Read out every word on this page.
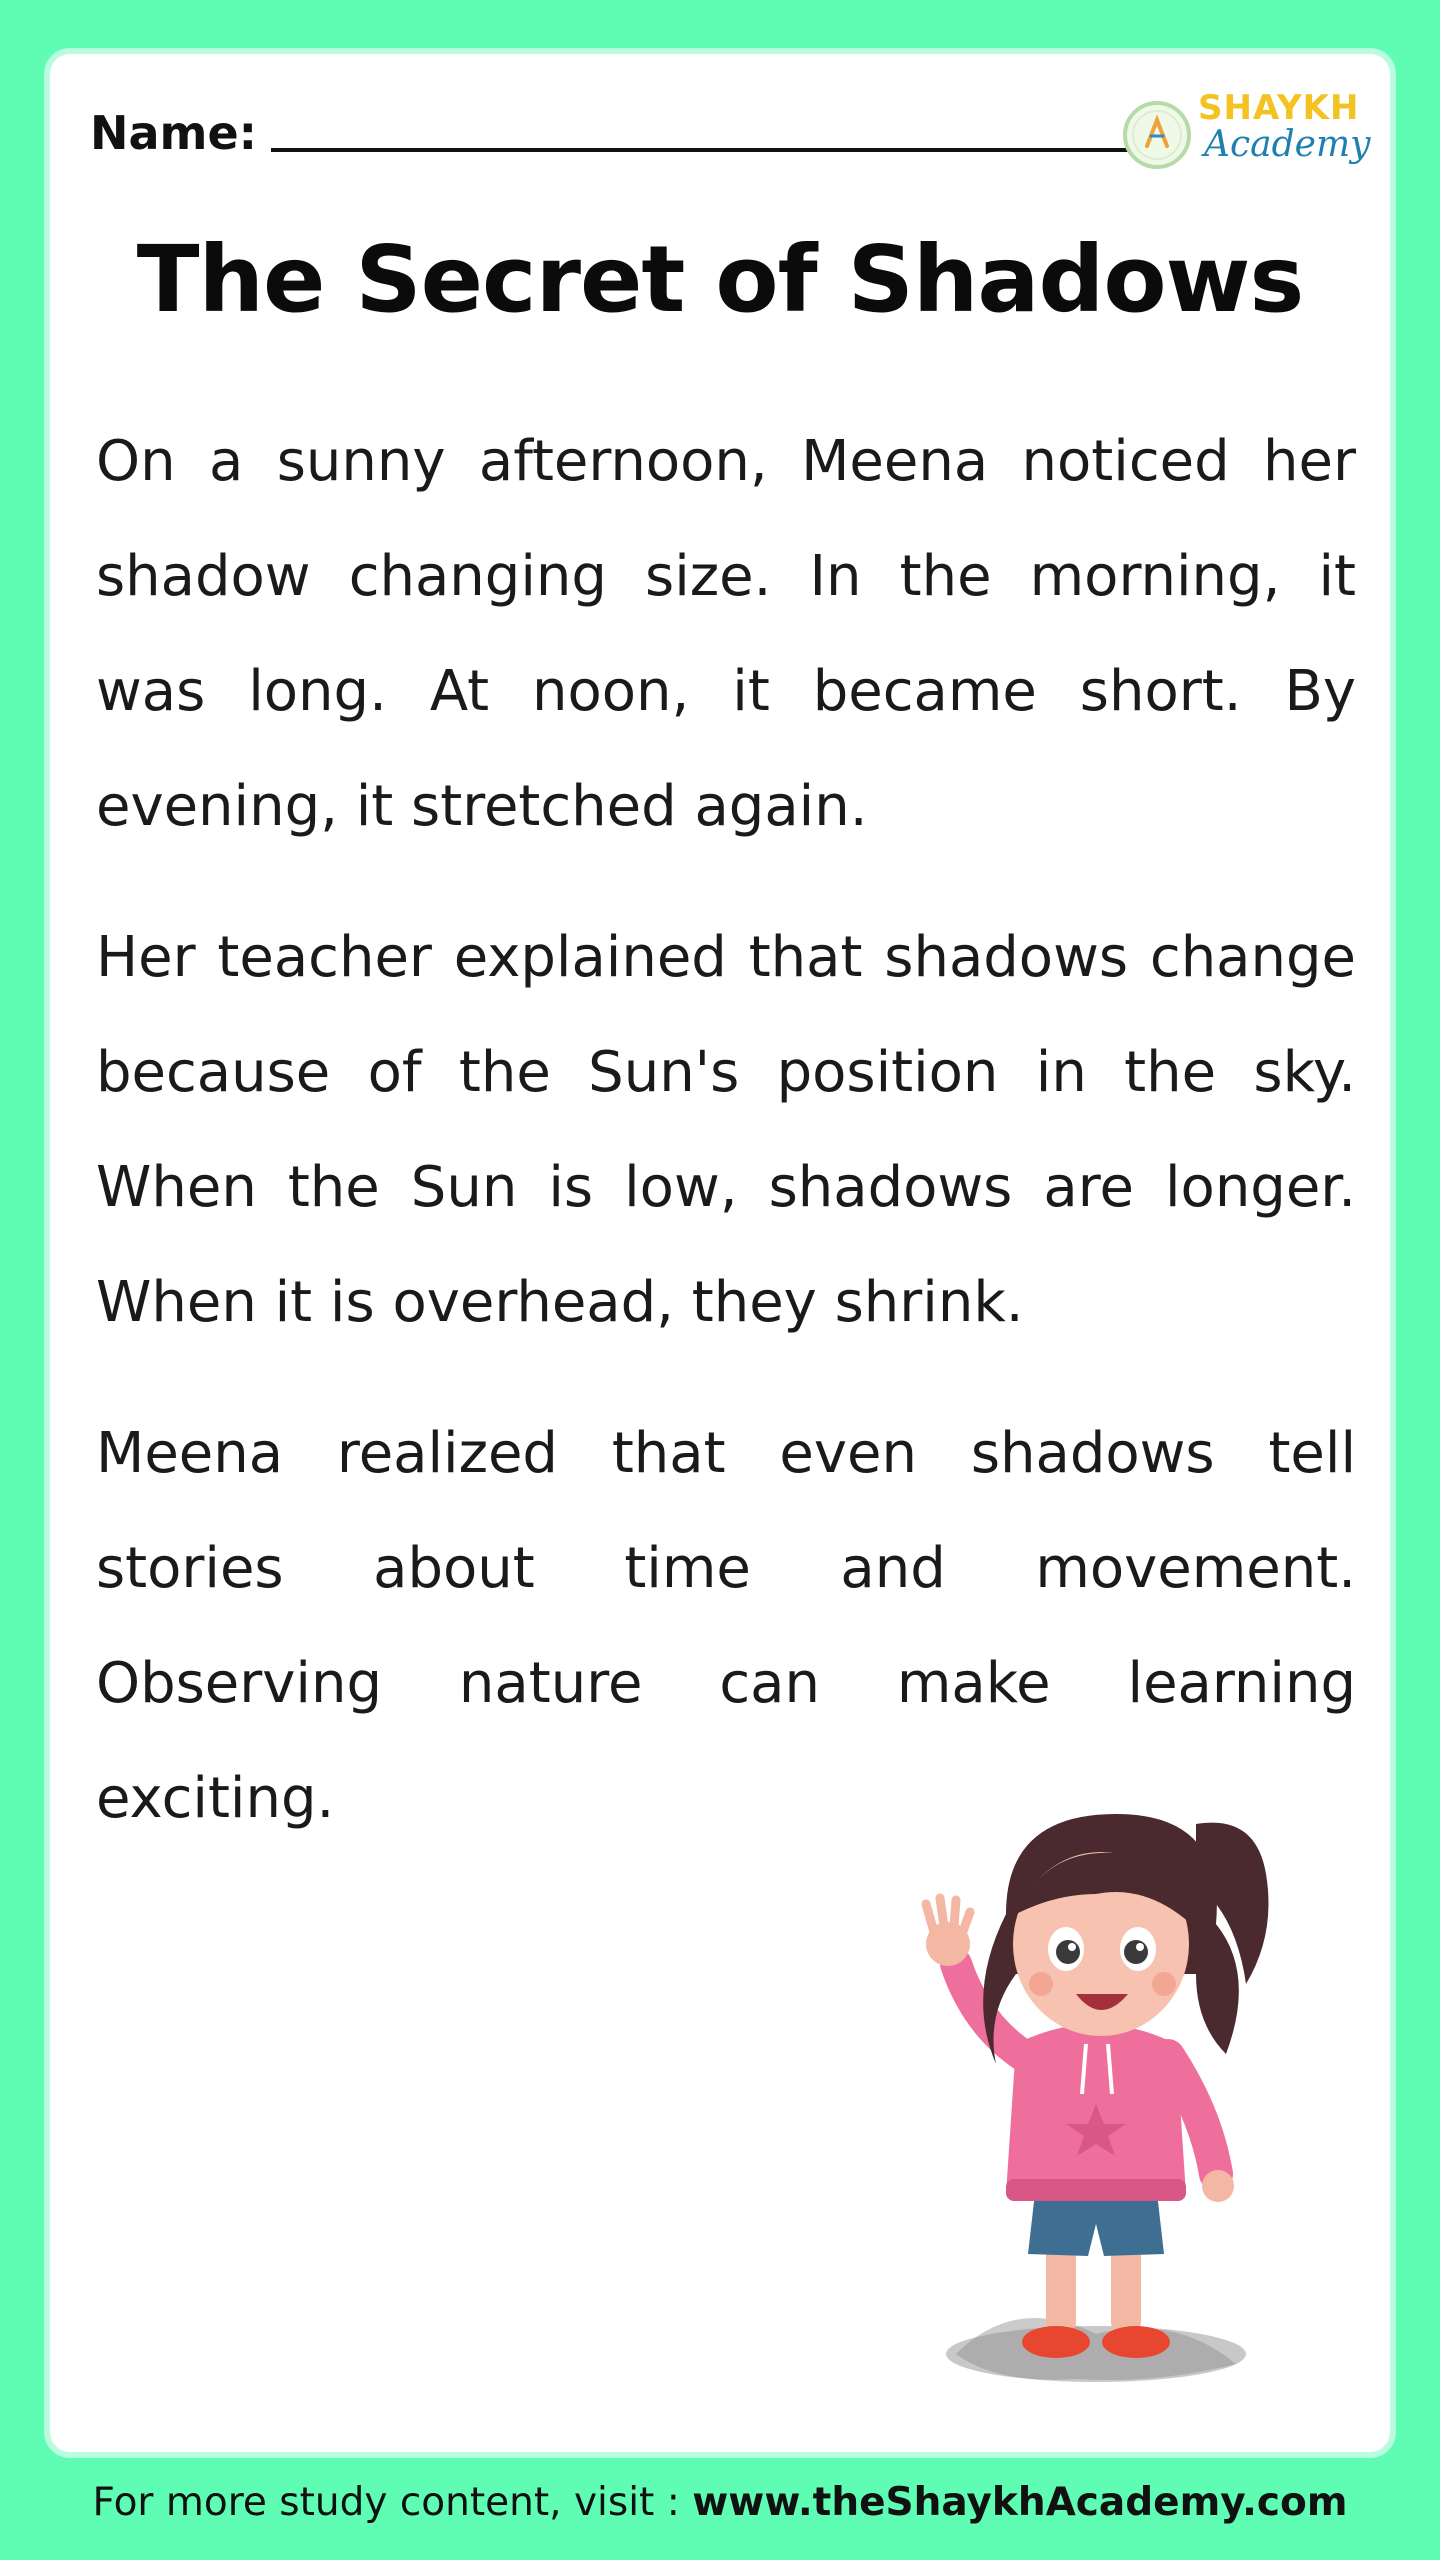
Name:	SHAYKH
Academy
The Secret of Shadows

On a sunny afternoon, Meena noticed her shadow changing size. In the morning, it was long. At noon, it became short. By evening, it stretched again.

Her teacher explained that shadows change because of the Sun's position in the sky. When the Sun is low, shadows are longer. When it is overhead, they shrink.

Meena realized that even shadows tell stories about time and movement. Observing nature can make learning exciting.

For more study content, visit : www.theShaykhAcademy.com
